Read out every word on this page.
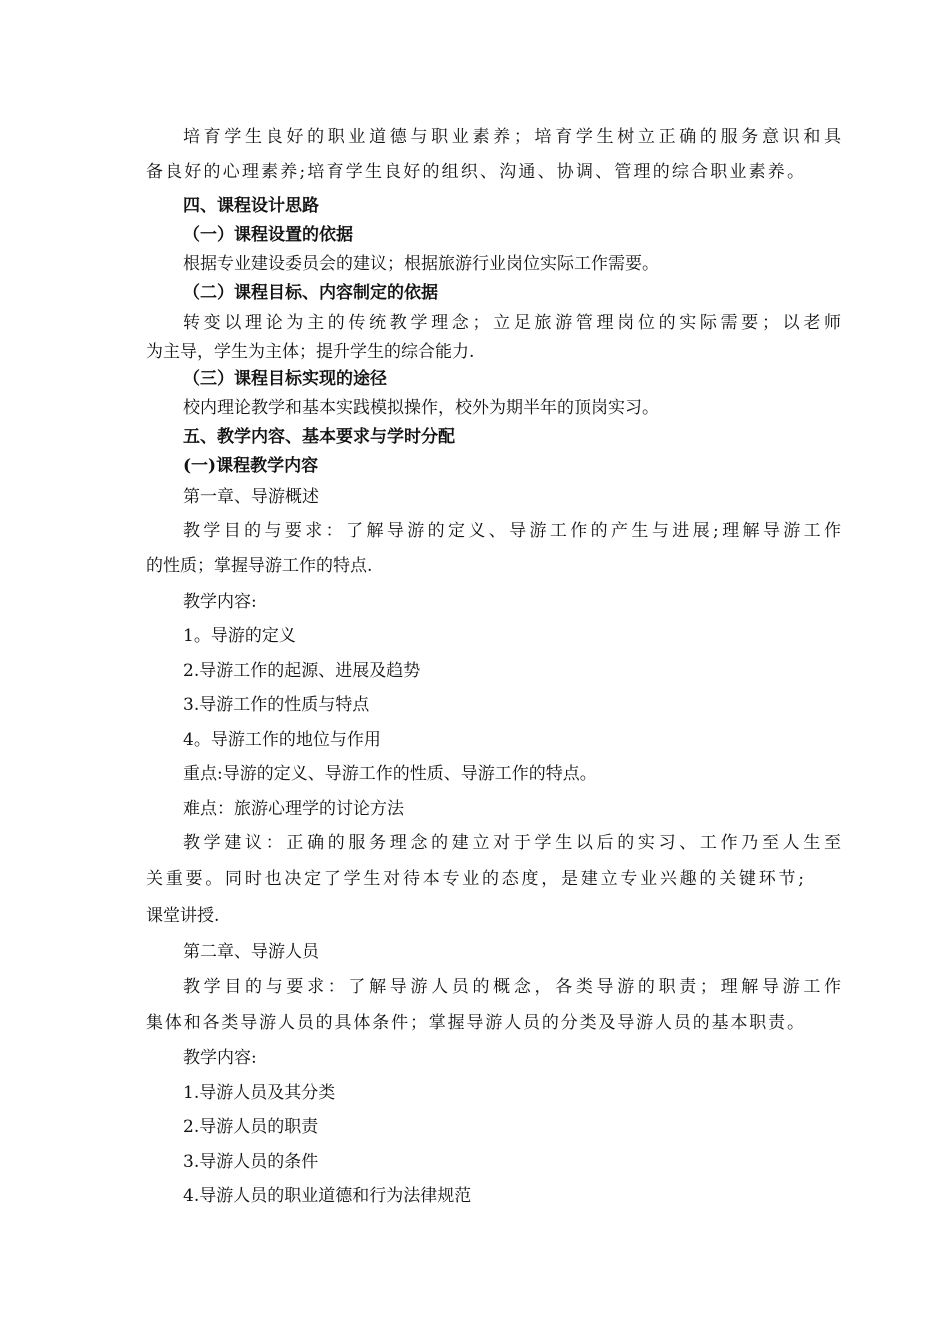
培育学生良好的职业道德与职业素养；培育学生树立正确的服务意识和具

备良好的心理素养;培育学生良好的组织、沟通、协调、管理的综合职业素养。

四、课程设计思路

（一）课程设置的依据

根据专业建设委员会的建议；根据旅游行业岗位实际工作需要。

（二）课程目标、内容制定的依据

转变以理论为主的传统教学理念；立足旅游管理岗位的实际需要；以老师

为主导，学生为主体；提升学生的综合能力.

（三）课程目标实现的途径

校内理论教学和基本实践模拟操作，校外为期半年的顶岗实习。

五、教学内容、基本要求与学时分配

(一)课程教学内容

第一章、导游概述

教学目的与要求：了解导游的定义、导游工作的产生与进展;理解导游工作

的性质；掌握导游工作的特点.

教学内容:

1。导游的定义

2.导游工作的起源、进展及趋势

3.导游工作的性质与特点

4。导游工作的地位与作用

重点:导游的定义、导游工作的性质、导游工作的特点。

难点：旅游心理学的讨论方法

教学建议：正确的服务理念的建立对于学生以后的实习、工作乃至人生至

关重要。同时也决定了学生对待本专业的态度，是建立专业兴趣的关键环节;

课堂讲授.

第二章、导游人员

教学目的与要求：了解导游人员的概念，各类导游的职责；理解导游工作

集体和各类导游人员的具体条件；掌握导游人员的分类及导游人员的基本职责。

教学内容:

1.导游人员及其分类

2.导游人员的职责

3.导游人员的条件

4.导游人员的职业道德和行为法律规范
